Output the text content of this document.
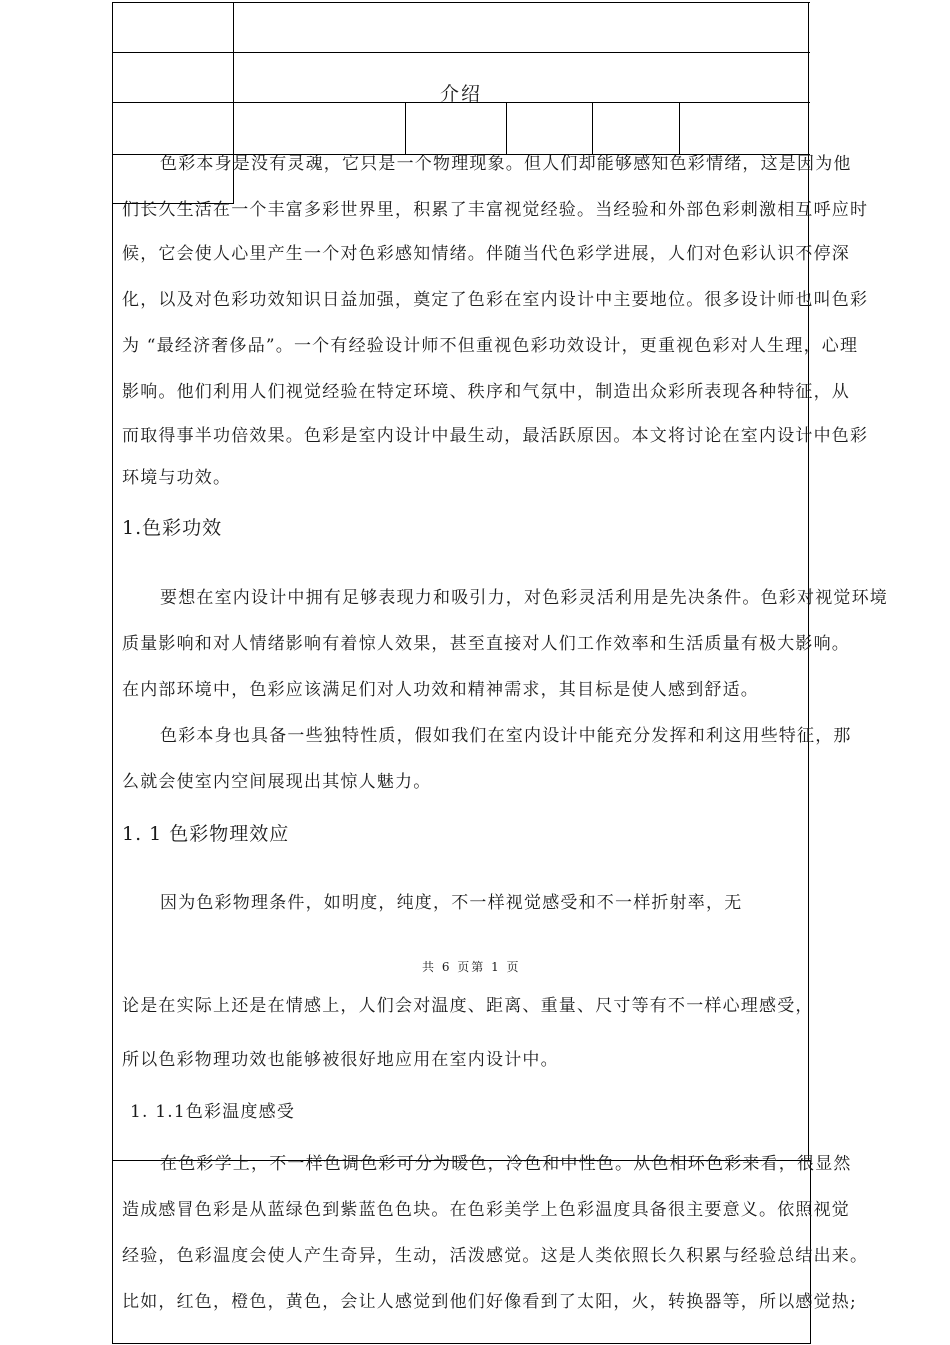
介绍
色彩本身是没有灵魂，它只是一个物理现象。但人们却能够感知色彩情绪，这是因为他
们长久生活在一个丰富多彩世界里，积累了丰富视觉经验。当经验和外部色彩刺激相互呼应时
候，它会使人心里产生一个对色彩感知情绪。伴随当代色彩学进展，人们对色彩认识不停深
化，以及对色彩功效知识日益加强，奠定了色彩在室内设计中主要地位。很多设计师也叫色彩
为 “最经济奢侈品”。一个有经验设计师不但重视色彩功效设计，更重视色彩对人生理，心理
影响。他们利用人们视觉经验在特定环境、秩序和气氛中，制造出众彩所表现各种特征，从
而取得事半功倍效果。色彩是室内设计中最生动，最活跃原因。本文将讨论在室内设计中色彩
环境与功效。
1.色彩功效
要想在室内设计中拥有足够表现力和吸引力，对色彩灵活利用是先决条件。色彩对视觉环境
质量影响和对人情绪影响有着惊人效果，甚至直接对人们工作效率和生活质量有极大影响。
在内部环境中，色彩应该满足们对人功效和精神需求，其目标是使人感到舒适。
色彩本身也具备一些独特性质，假如我们在室内设计中能充分发挥和利这用些特征，那
么就会使室内空间展现出其惊人魅力。
1. 1 色彩物理效应
因为色彩物理条件，如明度，纯度，不一样视觉感受和不一样折射率，无
共 6 页第 1 页
论是在实际上还是在情感上，人们会对温度、距离、重量、尺寸等有不一样心理感受，
所以色彩物理功效也能够被很好地应用在室内设计中。
1. 1.1色彩温度感受
在色彩学上，不一样色调色彩可分为暖色，冷色和中性色。从色相环色彩来看，很显然
造成感冒色彩是从蓝绿色到紫蓝色色块。在色彩美学上色彩温度具备很主要意义。依照视觉
经验，色彩温度会使人产生奇异，生动，活泼感觉。这是人类依照长久积累与经验总结出来。
比如，红色，橙色，黄色，会让人感觉到他们好像看到了太阳，火，转换器等，所以感觉热;
